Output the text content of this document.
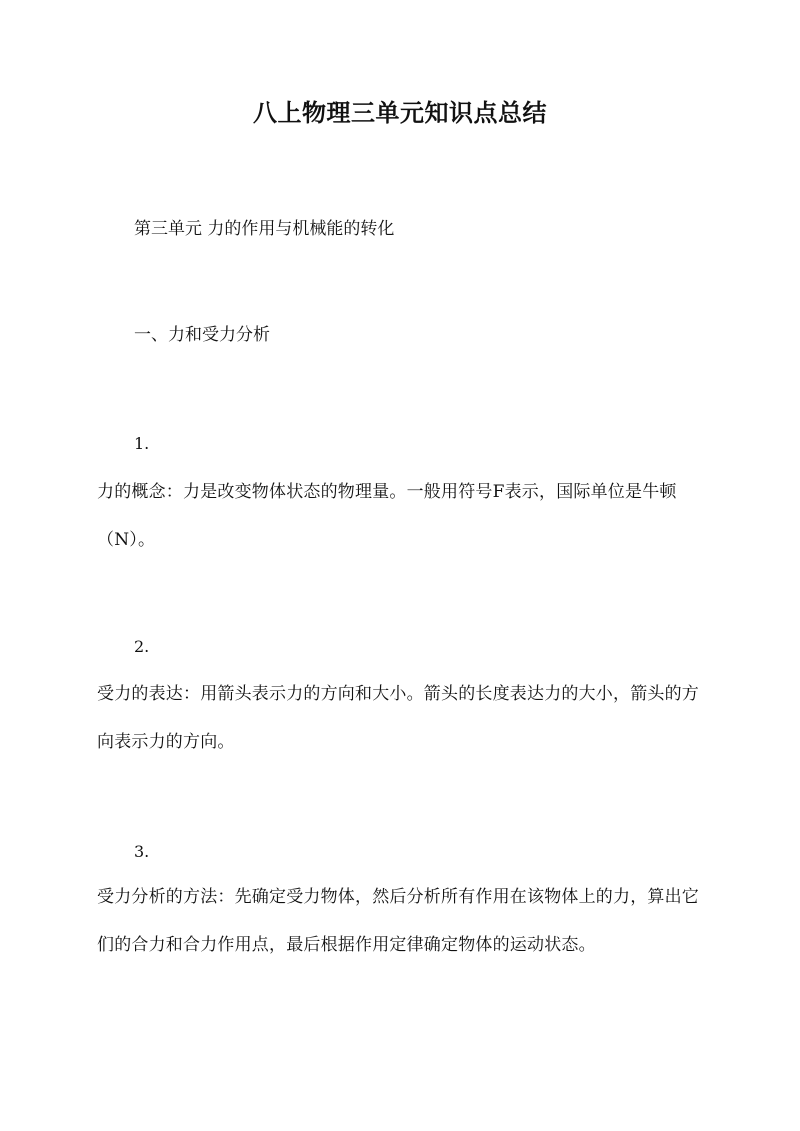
八上物理三单元知识点总结

第三单元 力的作用与机械能的转化

一、力和受力分析

1.

力的概念：力是改变物体状态的物理量。一般用符号F表示，国际单位是牛顿（N）。

2.

受力的表达：用箭头表示力的方向和大小。箭头的长度表达力的大小，箭头的方向表示力的方向。

3.

受力分析的方法：先确定受力物体，然后分析所有作用在该物体上的力，算出它们的合力和合力作用点，最后根据作用定律确定物体的运动状态。
